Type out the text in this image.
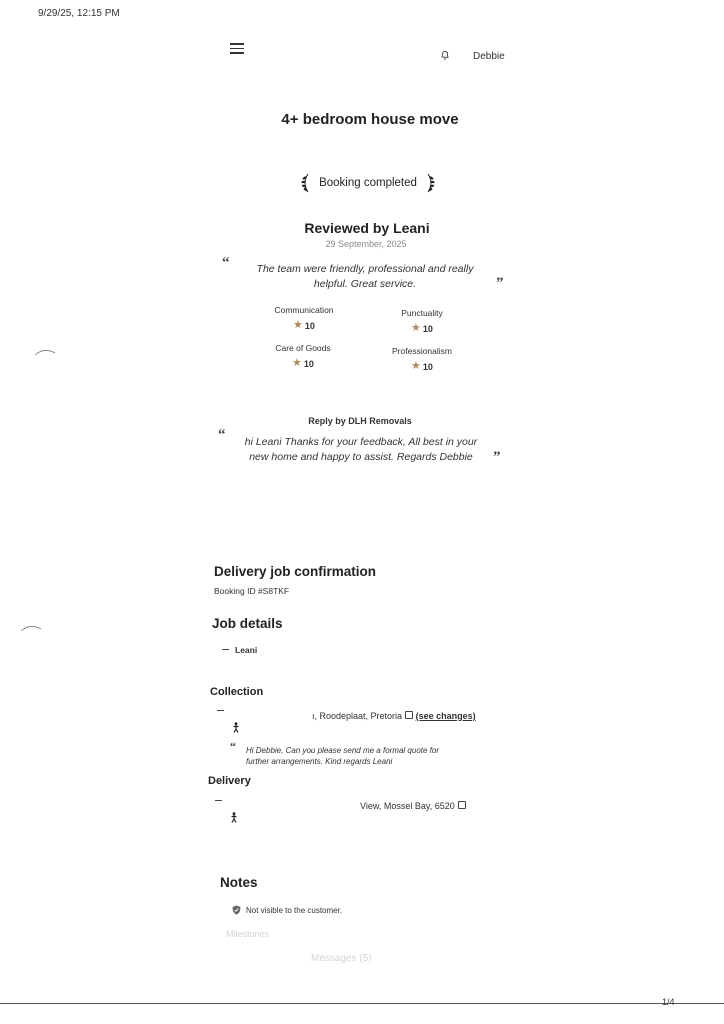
9/29/25, 12:15 PM
Debbie
4+ bedroom house move
Booking completed
Reviewed by Leani
29 September, 2025
“	The team were friendly, professional and really
helpful. Great service.	”
Communication
★ 10
Punctuality
★ 10
Care of Goods
★ 10
Professionalism
★ 10
Reply by DLH Removals
“	hi Leani Thanks for your feedback, All best in your
new home and happy to assist. Regards Debbie	”
Delivery job confirmation
Booking ID #S8TKF
Job details
Leani
Collection
ı, Roodeplaat, Pretoria (see changes)
“ Hi Debbie, Can you please send me a formal quote for
further arrangements. Kind regards Leani
Delivery
View, Mossel Bay, 6520
Notes
Not visible to the customer.
Milestones
Messages (5)
1/4
